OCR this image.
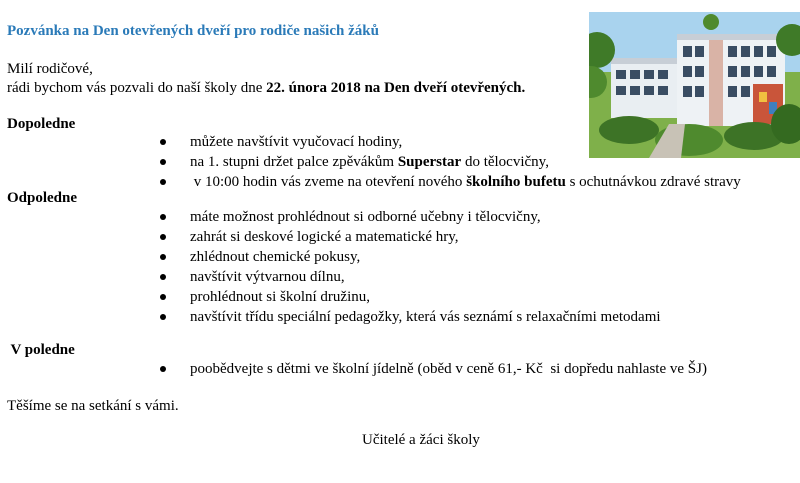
Pozvánka na Den otevřených dveří pro rodiče našich žáků
Milí rodičové,
rádi bychom vás pozvali do naší školy dne 22. února 2018 na Den dveří otevřených.
Dopoledne
můžete navštívit vyučovací hodiny,
na 1. stupni držet palce zpěvákům Superstar do tělocvičny,
v 10:00 hodin vás zveme na otevření nového školního bufetu s ochutnávkou zdravé stravy
Odpoledne
máte možnost prohlédnout si odborné učebny i tělocvičny,
zahrát si deskové logické a matematické hry,
zhlédnout chemické pokusy,
navštívit výtvarnou dílnu,
prohlédnout si školní družinu,
navštívit třídu speciální pedagožky, která vás seznámí s relaxačními metodami
V poledne
poobědvejte s dětmi ve školní jídelně (oběd v ceně 61,- Kč  si dopředu nahlaste ve ŠJ)
Těšíme se na setkání s vámi.
Učitelé a žáci školy
